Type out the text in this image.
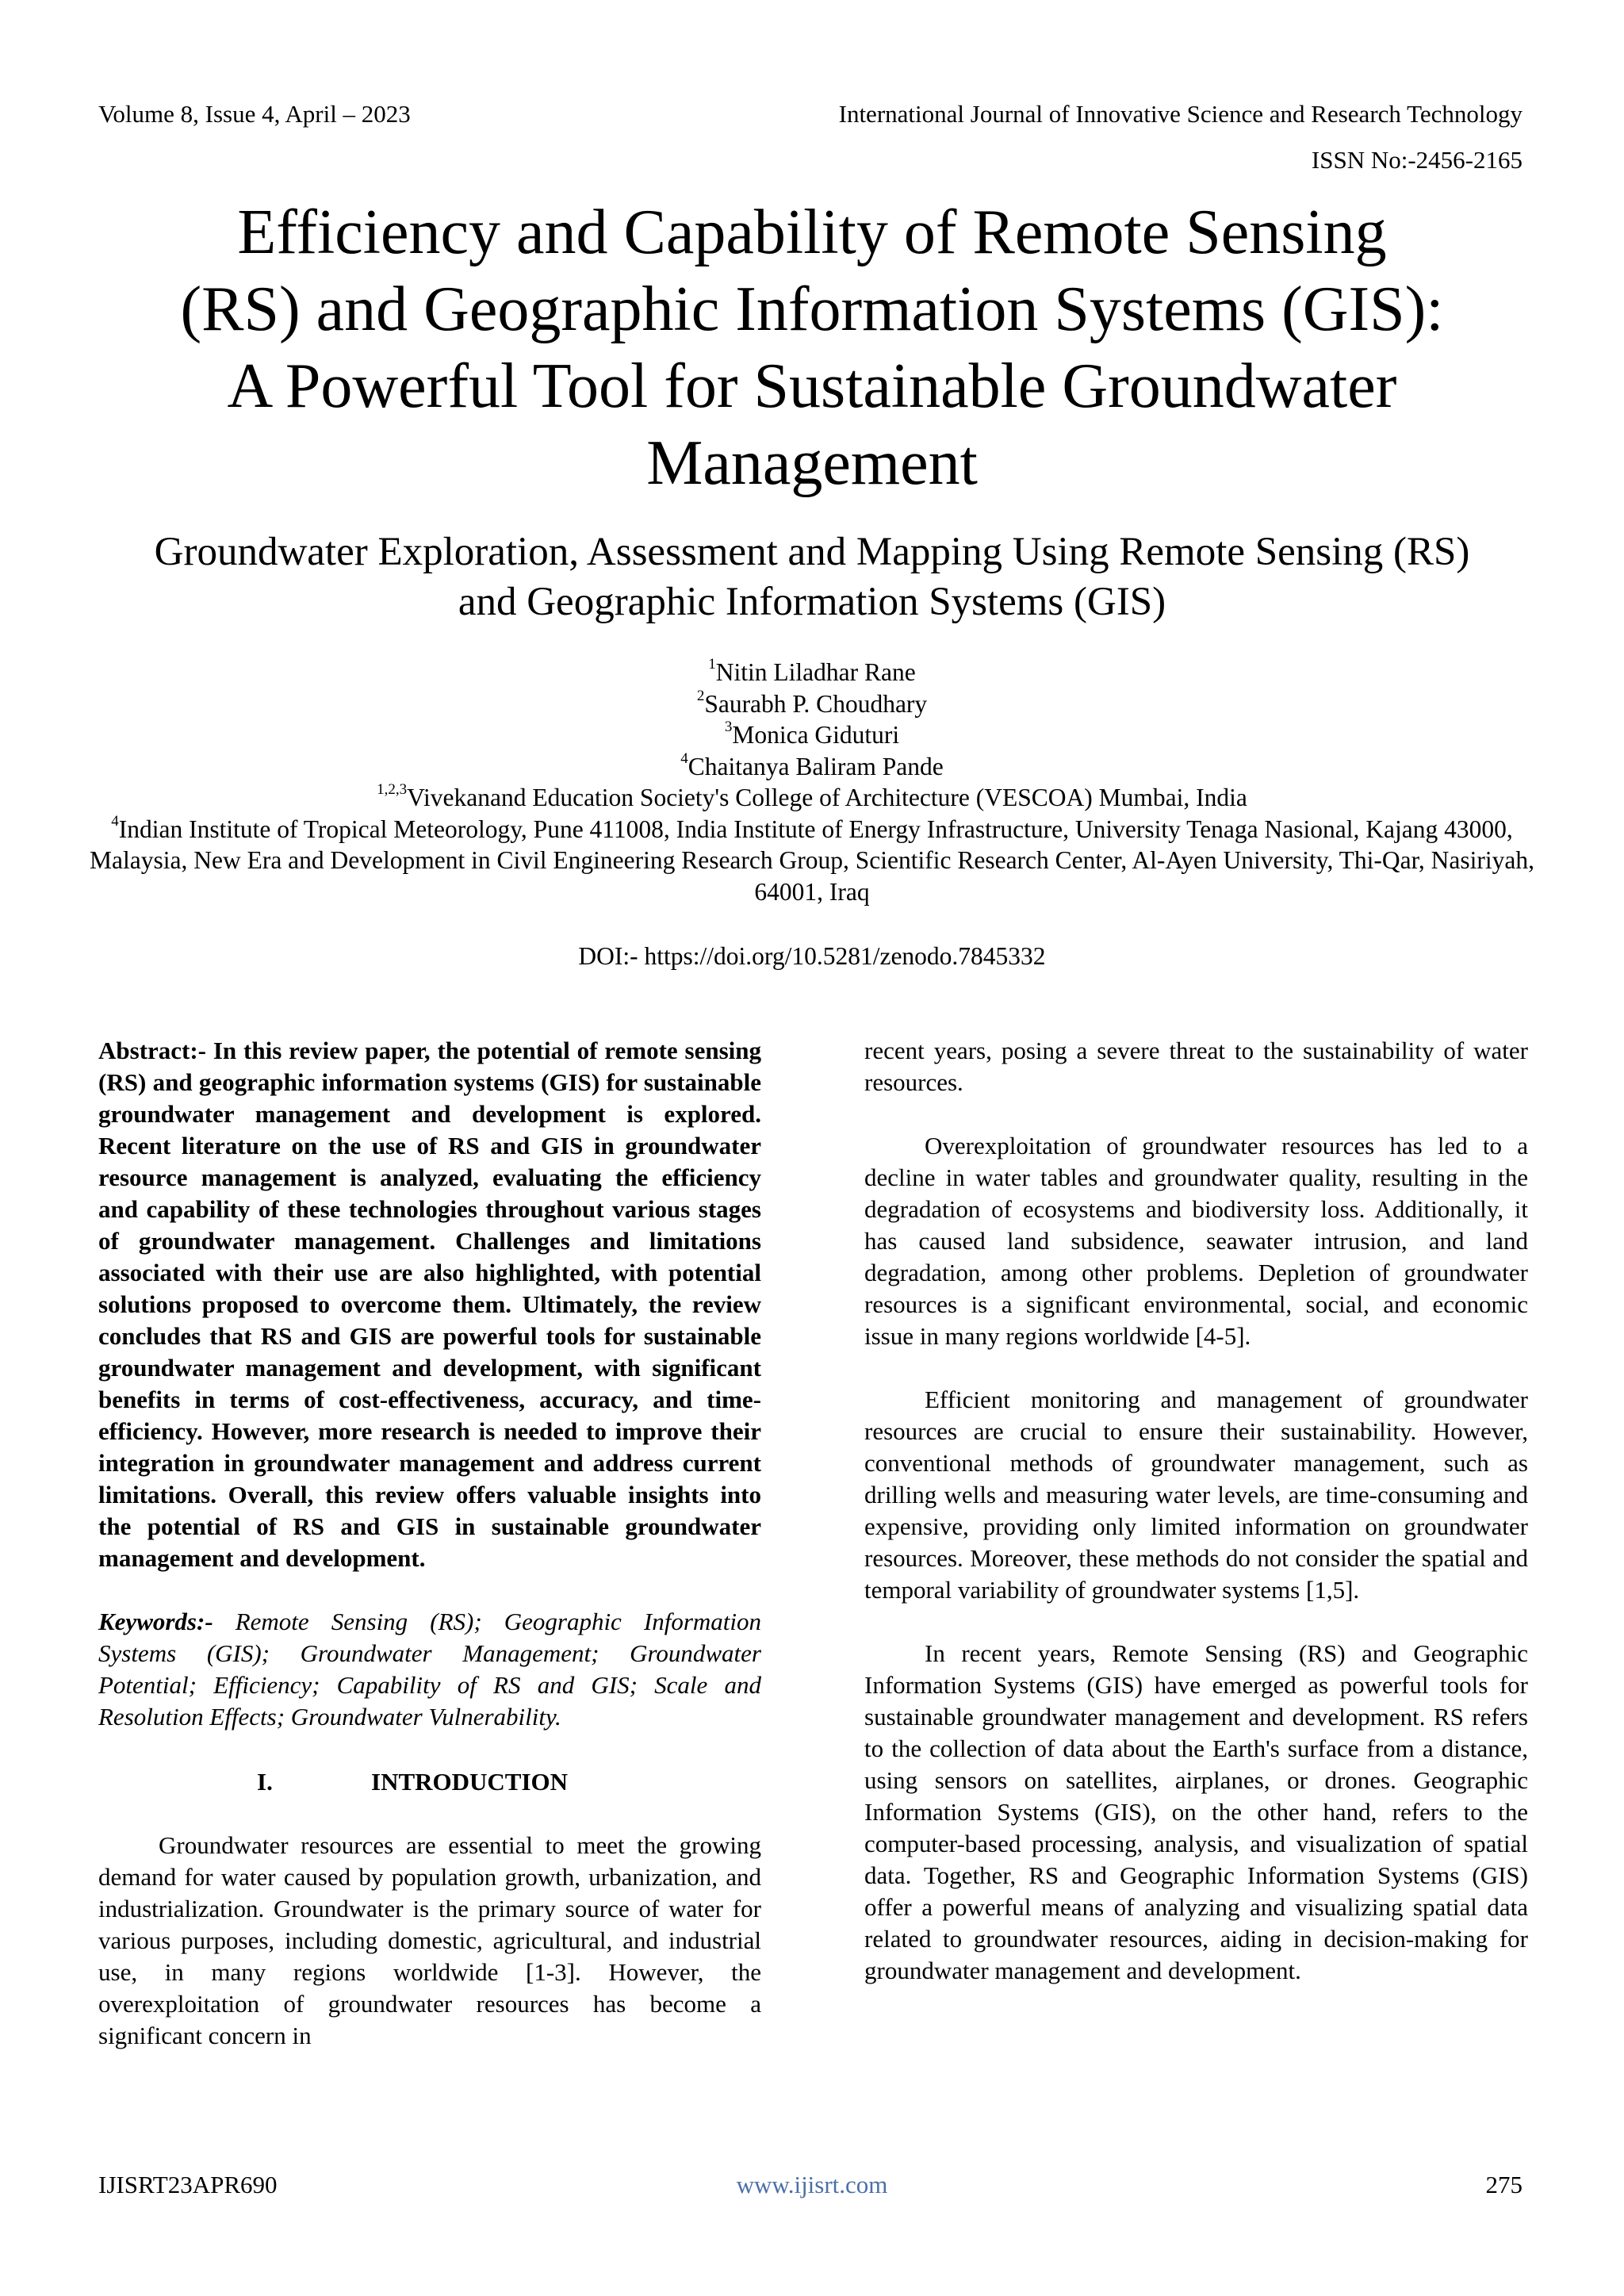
Volume 8, Issue 4, April – 2023	International Journal of Innovative Science and Research Technology
ISSN No:-2456-2165
Efficiency and Capability of Remote Sensing (RS) and Geographic Information Systems (GIS): A Powerful Tool for Sustainable Groundwater Management
Groundwater Exploration, Assessment and Mapping Using Remote Sensing (RS) and Geographic Information Systems (GIS)
$^1$Nitin Liladhar Rane
$^2$Saurabh P. Choudhary
$^3$Monica Giduturi
$^4$Chaitanya Baliram Pande
$^{1,2,3}$Vivekanand Education Society's College of Architecture (VESCOA) Mumbai, India
$^4$Indian Institute of Tropical Meteorology, Pune 411008, India Institute of Energy Infrastructure, University Tenaga Nasional, Kajang 43000, Malaysia, New Era and Development in Civil Engineering Research Group, Scientific Research Center, Al-Ayen University, Thi-Qar, Nasiriyah, 64001, Iraq
DOI:- https://doi.org/10.5281/zenodo.7845332

Abstract:- In this review paper, the potential of remote sensing (RS) and geographic information systems (GIS) for sustainable groundwater management and development is explored. Recent literature on the use of RS and GIS in groundwater resource management is analyzed, evaluating the efficiency and capability of these technologies throughout various stages of groundwater management. Challenges and limitations associated with their use are also highlighted, with potential solutions proposed to overcome them. Ultimately, the review concludes that RS and GIS are powerful tools for sustainable groundwater management and development, with significant benefits in terms of cost-effectiveness, accuracy, and time-efficiency. However, more research is needed to improve their integration in groundwater management and address current limitations. Overall, this review offers valuable insights into the potential of RS and GIS in sustainable groundwater management and development.

Keywords:- Remote Sensing (RS); Geographic Information Systems (GIS); Groundwater Management; Groundwater Potential; Efficiency; Capability of RS and GIS; Scale and Resolution Effects; Groundwater Vulnerability.

I.	INTRODUCTION

Groundwater resources are essential to meet the growing demand for water caused by population growth, urbanization, and industrialization. Groundwater is the primary source of water for various purposes, including domestic, agricultural, and industrial use, in many regions worldwide [1-3]. However, the overexploitation of groundwater resources has become a significant concern in

recent years, posing a severe threat to the sustainability of water resources.

Overexploitation of groundwater resources has led to a decline in water tables and groundwater quality, resulting in the degradation of ecosystems and biodiversity loss. Additionally, it has caused land subsidence, seawater intrusion, and land degradation, among other problems. Depletion of groundwater resources is a significant environmental, social, and economic issue in many regions worldwide [4-5].

Efficient monitoring and management of groundwater resources are crucial to ensure their sustainability. However, conventional methods of groundwater management, such as drilling wells and measuring water levels, are time-consuming and expensive, providing only limited information on groundwater resources. Moreover, these methods do not consider the spatial and temporal variability of groundwater systems [1,5].

In recent years, Remote Sensing (RS) and Geographic Information Systems (GIS) have emerged as powerful tools for sustainable groundwater management and development. RS refers to the collection of data about the Earth's surface from a distance, using sensors on satellites, airplanes, or drones. Geographic Information Systems (GIS), on the other hand, refers to the computer-based processing, analysis, and visualization of spatial data. Together, RS and Geographic Information Systems (GIS) offer a powerful means of analyzing and visualizing spatial data related to groundwater resources, aiding in decision-making for groundwater management and development.

IJISRT23APR690	www.ijisrt.com	275
